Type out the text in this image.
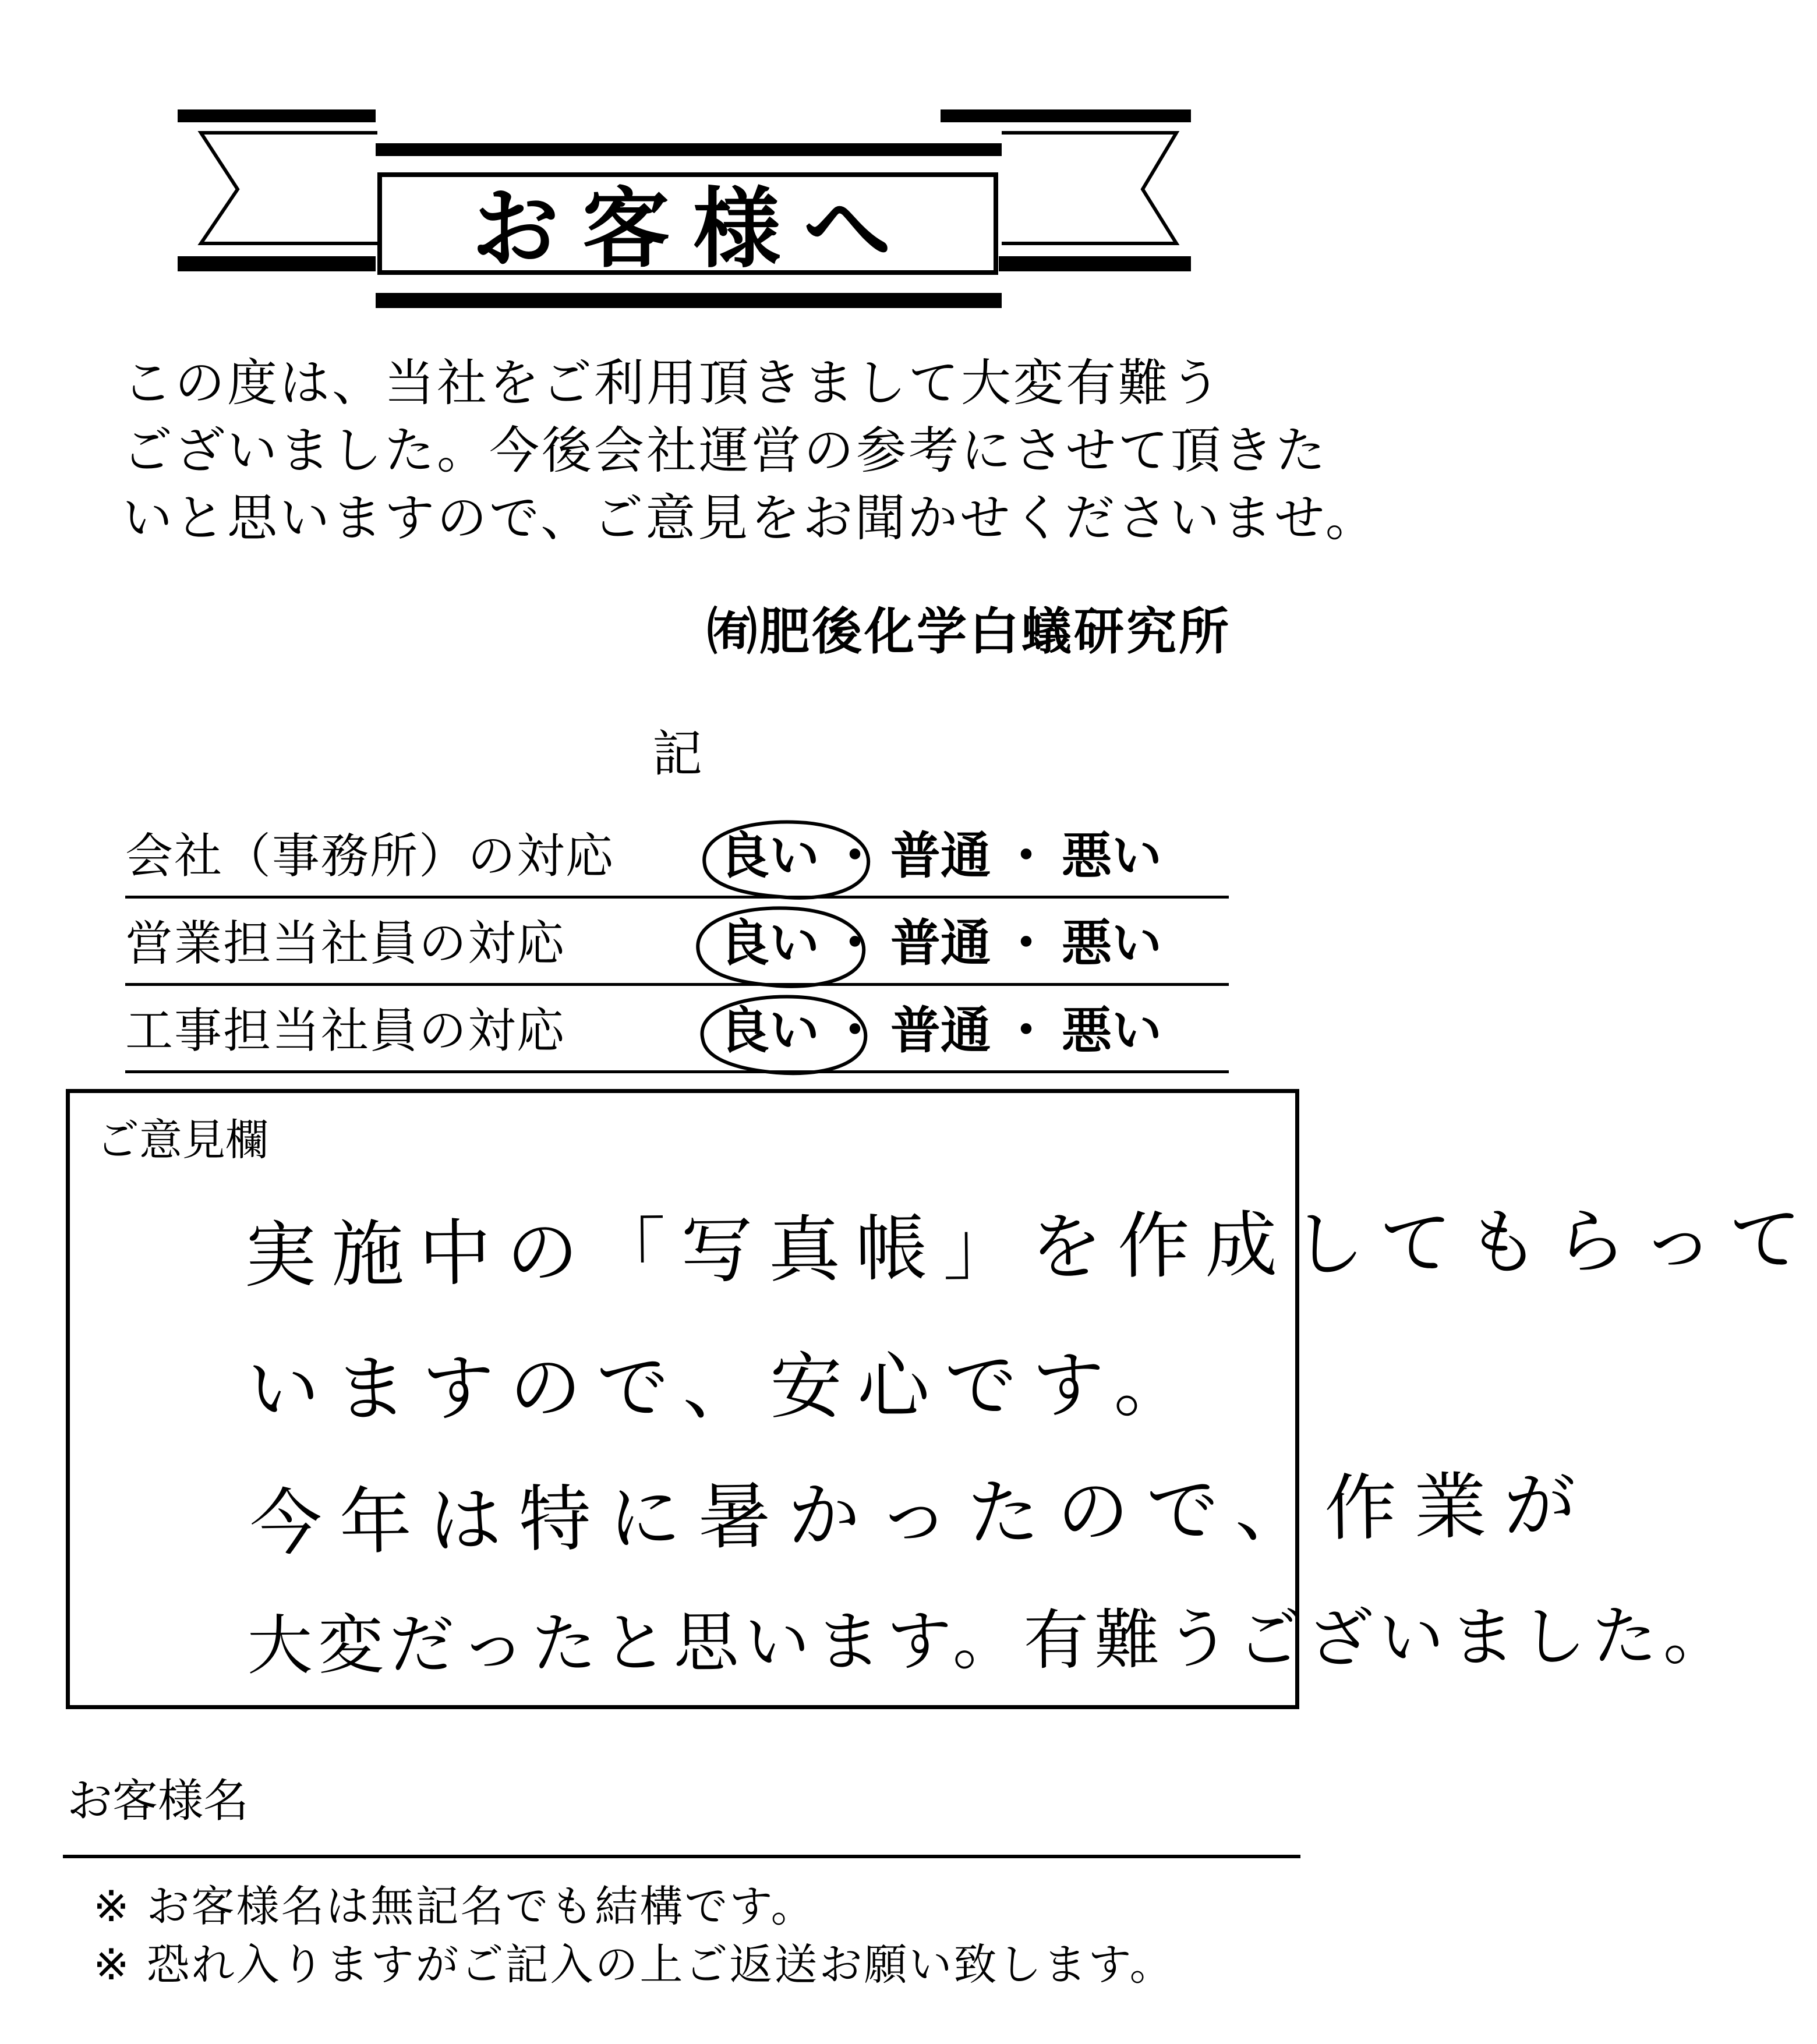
お客様へ
この度は、当社をご利用頂きまして大変有難う
ございました。今後会社運営の参考にさせて頂きた
いと思いますので、ご意見をお聞かせくださいませ。
㈲肥後化学白蟻研究所
記
会社（事務所）の対応 良い ・ 普通 ・ 悪い
営業担当社員の対応	良い ・ 普通 ・ 悪い
工事担当社員の対応	良い ・ 普通 ・ 悪い
ご意見欄
実施中の「写真帳」を作成してもらって
いますので、安心です。
今年は特に暑かったので、作業が
大変だったと思います。有難うございました。
お客様名
※ お客様名は無記名でも結構です。
※ 恐れ入りますがご記入の上ご返送お願い致します。
